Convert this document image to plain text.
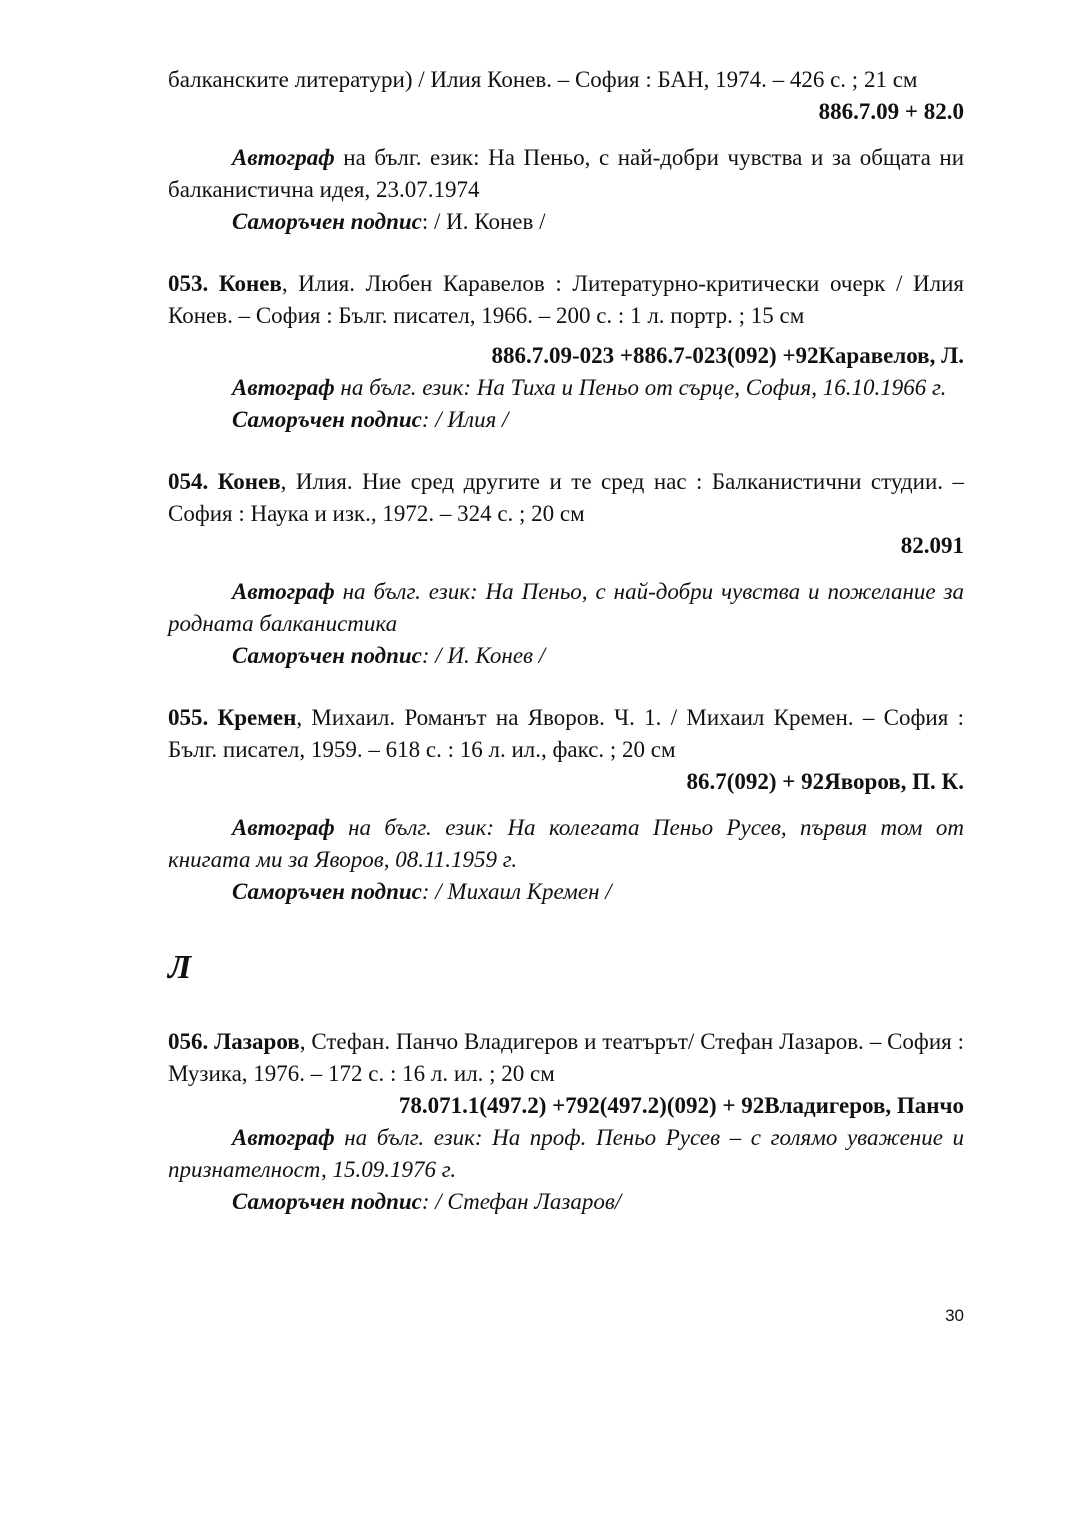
балканските литератури) / Илия Конев. – София : БАН, 1974. – 426 с. ; 21 см

886.7.09 + 82.0

Автограф на бълг. език: На Пеньо, с най-добри чувства и за общата ни балканистична идея, 23.07.1974

Саморъчен подпис: / И. Конев /

053. Конев, Илия. Любен Каравелов : Литературно-критически очерк / Илия Конев. – София : Бълг. писател, 1966. – 200 с. : 1 л. портр. ; 15 см

886.7.09-023 +886.7-023(092) +92Каравелов, Л.

Автограф на бълг. език: На Тиха и Пеньо от сърце, София, 16.10.1966 г.

Саморъчен подпис: / Илия /

054. Конев, Илия. Ние сред другите и те сред нас : Балканистични студии. – София : Наука и изк., 1972. – 324 с. ; 20 см

82.091

Автограф на бълг. език: На Пеньо, с най-добри чувства и пожелание за родната балканистика

Саморъчен подпис: / И. Конев /

055. Кремен, Михаил. Романът на Яворов. Ч. 1. / Михаил Кремен. – София : Бълг. писател, 1959. – 618 с. : 16 л. ил., факс. ; 20 см

86.7(092) + 92Яворов, П. К.

Автограф на бълг. език: На колегата Пеньо Русев, първия том от книгата ми за Яворов, 08.11.1959 г.

Саморъчен подпис: / Михаил Кремен /

Л

056. Лазаров, Стефан. Панчо Владигеров и театърът/ Стефан Лазаров. – София : Музика, 1976. – 172 с. : 16 л. ил. ; 20 см

78.071.1(497.2) +792(497.2)(092) + 92Владигеров, Панчо

Автограф на бълг. език: На проф. Пеньо Русев – с голямо уважение и признателност, 15.09.1976 г.

Саморъчен подпис: / Стефан Лазаров/

30
